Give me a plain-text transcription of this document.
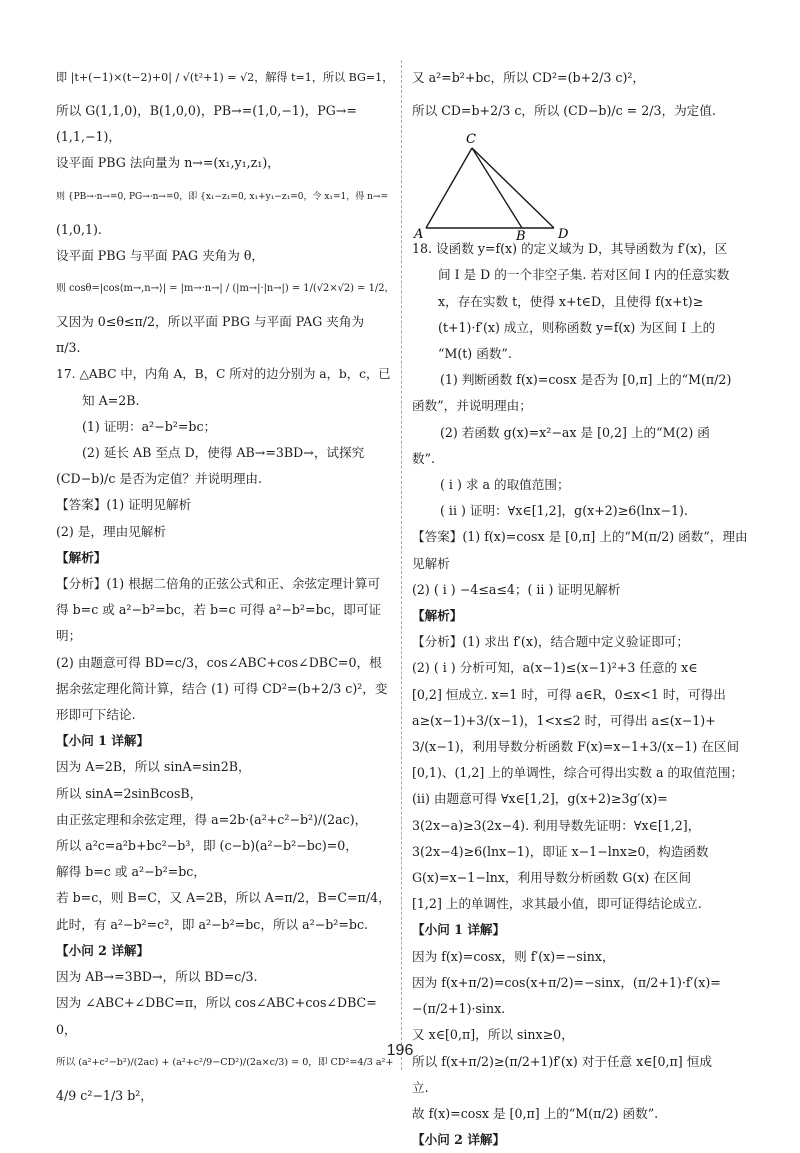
即 |t+(−1)×(t−2)+0| / √(t²+1) = √2，解得 t=1，所以 BG=1，
所以 G(1,1,0)，B(1,0,0)，PB→=(1,0,−1)，PG→=
(1,1,−1)，
设平面 PBG 法向量为 n→=(x₁,y₁,z₁)，
则 {PB→·n→=0, PG→·n→=0，即 {x₁−z₁=0, x₁+y₁−z₁=0，令 x₁=1，得 n→=
(1,0,1).
设平面 PBG 与平面 PAG 夹角为 θ，
则 cosθ=|cos⟨m→,n→⟩| = |m→·n→| / (|m→|·|n→|) = 1/(√2×√2) = 1/2，
又因为 0≤θ≤π/2，所以平面 PBG 与平面 PAG 夹角为
π/3.
17. △ABC 中，内角 A，B，C 所对的边分别为 a，b，c，已
知 A=2B.
(1) 证明：a²−b²=bc；
(2) 延长 AB 至点 D，使得 AB→=3BD→，试探究
(CD−b)/c 是否为定值？并说明理由.
【答案】(1) 证明见解析
(2) 是，理由见解析
【解析】
【分析】(1) 根据二倍角的正弦公式和正、余弦定理计算可
得 b=c 或 a²−b²=bc，若 b=c 可得 a²−b²=bc，即可证
明；
(2) 由题意可得 BD=c/3，cos∠ABC+cos∠DBC=0，根
据余弦定理化简计算，结合 (1) 可得 CD²=(b+2/3 c)²，变
形即可下结论.
【小问 1 详解】
因为 A=2B，所以 sinA=sin2B，
所以 sinA=2sinBcosB，
由正弦定理和余弦定理，得 a=2b·(a²+c²−b²)/(2ac)，
所以 a²c=a²b+bc²−b³，即 (c−b)(a²−b²−bc)=0，
解得 b=c 或 a²−b²=bc，
若 b=c，则 B=C，又 A=2B，所以 A=π/2，B=C=π/4，
此时，有 a²−b²=c²，即 a²−b²=bc，所以 a²−b²=bc.
【小问 2 详解】
因为 AB→=3BD→，所以 BD=c/3.
因为 ∠ABC+∠DBC=π，所以 cos∠ABC+cos∠DBC=
0，
所以 (a²+c²−b²)/(2ac) + (a²+c²/9−CD²)/(2a×c/3) = 0，即 CD²=4/3 a²+
4/9 c²−1/3 b²，
又 a²=b²+bc，所以 CD²=(b+2/3 c)²，
所以 CD=b+2/3 c，所以 (CD−b)/c = 2/3，为定值.
C
A	B D
18. 设函数 y=f(x) 的定义域为 D，其导函数为 f′(x)，区
间 I 是 D 的一个非空子集. 若对区间 I 内的任意实数
x，存在实数 t，使得 x+t∈D，且使得 f(x+t)≥
(t+1)·f′(x) 成立，则称函数 y=f(x) 为区间 I 上的
“M(t) 函数”.
(1) 判断函数 f(x)=cosx 是否为 [0,π] 上的“M(π/2)
函数”，并说明理由；
(2) 若函数 g(x)=x²−ax 是 [0,2] 上的“M(2) 函
数”.
( i ) 求 a 的取值范围；
( ii ) 证明：∀x∈[1,2]，g(x+2)≥6(lnx−1).
【答案】(1) f(x)=cosx 是 [0,π] 上的“M(π/2) 函数”，理由
见解析
(2) ( i ) −4≤a≤4；( ii ) 证明见解析
【解析】
【分析】(1) 求出 f′(x)，结合题中定义验证即可；
(2) ( i ) 分析可知，a(x−1)≤(x−1)²+3 任意的 x∈
[0,2] 恒成立. x=1 时，可得 a∈R，0≤x<1 时，可得出
a≥(x−1)+3/(x−1)，1<x≤2 时，可得出 a≤(x−1)+
3/(x−1)，利用导数分析函数 F(x)=x−1+3/(x−1) 在区间
[0,1)、(1,2] 上的单调性，综合可得出实数 a 的取值范围；
(ii) 由题意可得 ∀x∈[1,2]，g(x+2)≥3g′(x)=
3(2x−a)≥3(2x−4). 利用导数先证明：∀x∈[1,2]，
3(2x−4)≥6(lnx−1)，即证 x−1−lnx≥0，构造函数
G(x)=x−1−lnx，利用导数分析函数 G(x) 在区间
[1,2] 上的单调性，求其最小值，即可证得结论成立.
【小问 1 详解】
因为 f(x)=cosx，则 f′(x)=−sinx，
因为 f(x+π/2)=cos(x+π/2)=−sinx，(π/2+1)·f′(x)=
−(π/2+1)·sinx.
又 x∈[0,π]，所以 sinx≥0，
所以 f(x+π/2)≥(π/2+1)f′(x) 对于任意 x∈[0,π] 恒成
立.
故 f(x)=cosx 是 [0,π] 上的“M(π/2) 函数”.
【小问 2 详解】
196
